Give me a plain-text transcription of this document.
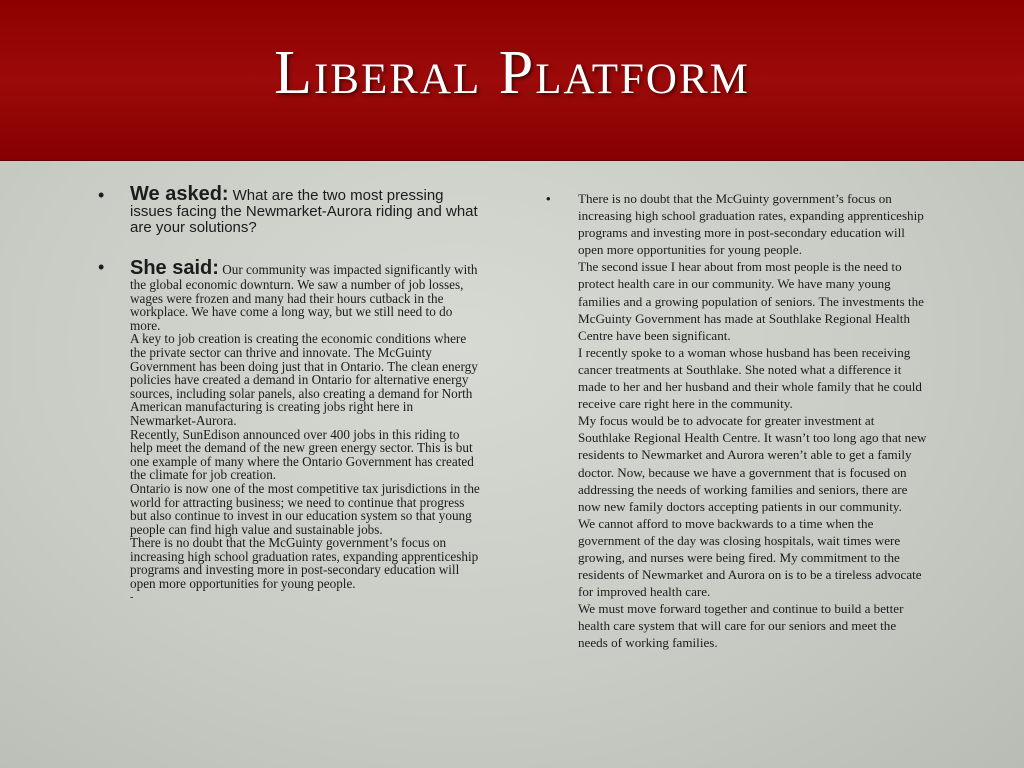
Liberal Platform
• We asked: What are the two most pressing issues facing the Newmarket-Aurora riding and what are your solutions?
• She said: Our community was impacted significantly with the global economic downturn. We saw a number of job losses, wages were frozen and many had their hours cutback in the workplace. We have come a long way, but we still need to do more.
A key to job creation is creating the economic conditions where the private sector can thrive and innovate. The McGuinty Government has been doing just that in Ontario. The clean energy policies have created a demand in Ontario for alternative energy sources, including solar panels, also creating a demand for North American manufacturing is creating jobs right here in Newmarket-Aurora.
Recently, SunEdison announced over 400 jobs in this riding to help meet the demand of the new green energy sector. This is but one example of many where the Ontario Government has created the climate for job creation.
Ontario is now one of the most competitive tax jurisdictions in the world for attracting business; we need to continue that progress but also continue to invest in our education system so that young people can find high value and sustainable jobs.
There is no doubt that the McGuinty government’s focus on increasing high school graduation rates, expanding apprenticeship programs and investing more in post-secondary education will open more opportunities for young people.
-
• There is no doubt that the McGuinty government’s focus on increasing high school graduation rates, expanding apprenticeship programs and investing more in post-secondary education will open more opportunities for young people.
The second issue I hear about from most people is the need to protect health care in our community. We have many young families and a growing population of seniors. The investments the McGuinty Government has made at Southlake Regional Health Centre have been significant.
I recently spoke to a woman whose husband has been receiving cancer treatments at Southlake. She noted what a difference it made to her and her husband and their whole family that he could receive care right here in the community.
My focus would be to advocate for greater investment at Southlake Regional Health Centre. It wasn’t too long ago that new residents to Newmarket and Aurora weren’t able to get a family doctor. Now, because we have a government that is focused on addressing the needs of working families and seniors, there are now new family doctors accepting patients in our community.
We cannot afford to move backwards to a time when the government of the day was closing hospitals, wait times were growing, and nurses were being fired. My commitment to the residents of Newmarket and Aurora on is to be a tireless advocate for improved health care.
We must move forward together and continue to build a better health care system that will care for our seniors and meet the needs of working families.
